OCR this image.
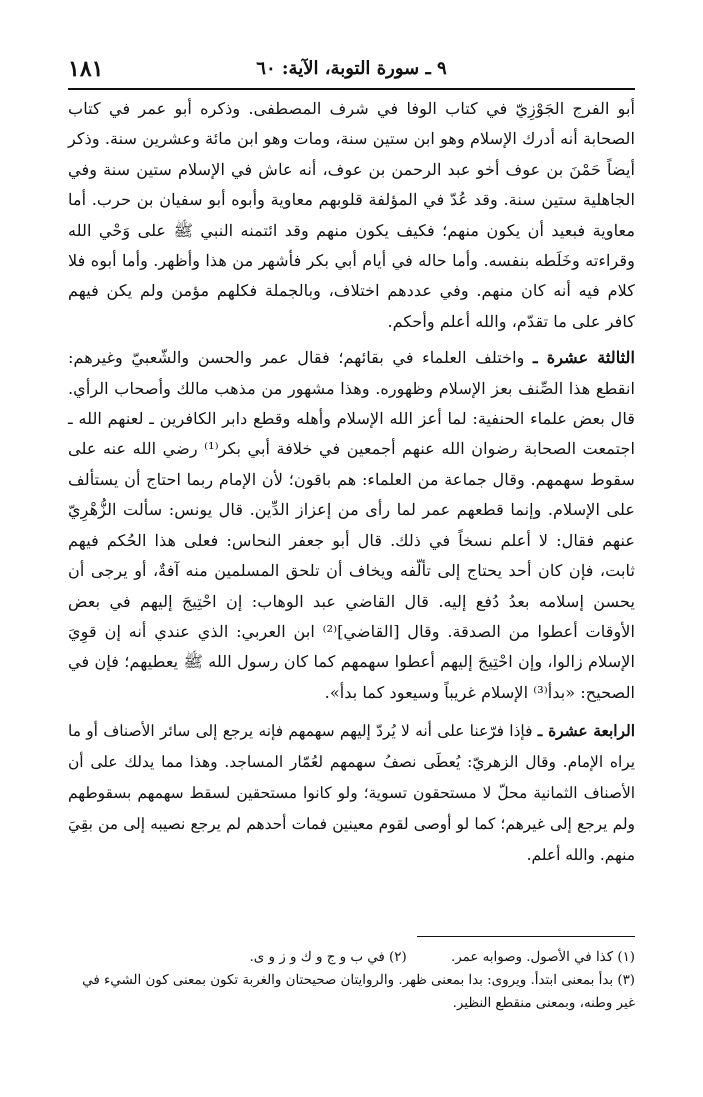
١٨١	٩ ـ سورة التوبة، الآية: ٦٠

أبو الفرج الجَوْزِيّ في كتاب الوفا في شرف المصطفى. وذكره أبو عمر في كتاب الصحابة أنه أدرك الإسلام وهو ابن ستين سنة، ومات وهو ابن مائة وعشرين سنة. وذكر أيضاً حَمْنَ بن عوف أخو عبد الرحمن بن عوف، أنه عاش في الإسلام ستين سنة وفي الجاهلية ستين سنة. وقد عُدّ في المؤلفة قلوبهم معاوية وأبوه أبو سفيان بن حرب. أما معاوية فبعيد أن يكون منهم؛ فكيف يكون منهم وقد ائتمنه النبي ﷺ على وَحْي الله وقراءته وخَلَطه بنفسه. وأما حاله في أيام أبي بكر فأشهر من هذا وأظهر. وأما أبوه فلا كلام فيه أنه كان منهم. وفي عددهم اختلاف، وبالجملة فكلهم مؤمن ولم يكن فيهم كافر على ما تقدّم، والله أعلم وأحكم.

الثالثة عشرة ـ واختلف العلماء في بقائهم؛ فقال عمر والحسن والشّعبيّ وغيرهم: انقطع هذا الصِّنف بعز الإسلام وظهوره. وهذا مشهور من مذهب مالك وأصحاب الرأي. قال بعض علماء الحنفية: لما أعز الله الإسلام وأهله وقطع دابر الكافرين ـ لعنهم الله ـ اجتمعت الصحابة رضوان الله عنهم أجمعين في خلافة أبي بكر⁽¹⁾ رضي الله عنه على سقوط سهمهم. وقال جماعة من العلماء: هم باقون؛ لأن الإمام ربما احتاج أن يستألف على الإسلام. وإنما قطعهم عمر لما رأى من إعزاز الدِّين. قال يونس: سألت الزُّهْرِيّ عنهم فقال: لا أعلم نسخاً في ذلك. قال أبو جعفر النحاس: فعلى هذا الحُكم فيهم ثابت، فإن كان أحد يحتاج إلى تألّفه ويخاف أن تلحق المسلمين منه آفةٌ، أو يرجى أن يحسن إسلامه بعدُ دُفع إليه. قال القاضي عبد الوهاب: إن احْتِيجَ إليهم في بعض الأوقات أعطوا من الصدقة. وقال [القاضي]⁽²⁾ ابن العربي: الذي عندي أنه إن قوِيَ الإسلام زالوا، وإن احْتِيجَ إليهم أعطوا سهمهم كما كان رسول الله ﷺ يعطيهم؛ فإن في الصحيح: «بدأ⁽³⁾ الإسلام غريباً وسيعود كما بدأ».

الرابعة عشرة ـ فإذا فرّعنا على أنه لا يُردّ إليهم سهمهم فإنه يرجع إلى سائر الأصناف أو ما يراه الإمام. وقال الزهريّ: يُعطَى نصفُ سهمهم لعُمّار المساجد. وهذا مما يدلك على أن الأصناف الثمانية محلّ لا مستحقون تسوية؛ ولو كانوا مستحقين لسقط سهمهم بسقوطهم ولم يرجع إلى غيرهم؛ كما لو أوصى لقوم معينين فمات أحدهم لم يرجع نصيبه إلى من بقِيَ منهم. والله أعلم.

(١) كذا في الأصول. وصوابه عمر. (٢) في ب و ج و ك و ز و ى.

(٣) بدأ بمعنى ابتدأ. ويروى: بدا بمعنى ظهر. والروايتان صحيحتان والغربة تكون بمعنى كون الشيء في غير وطنه، وبمعنى منقطع النظير.
